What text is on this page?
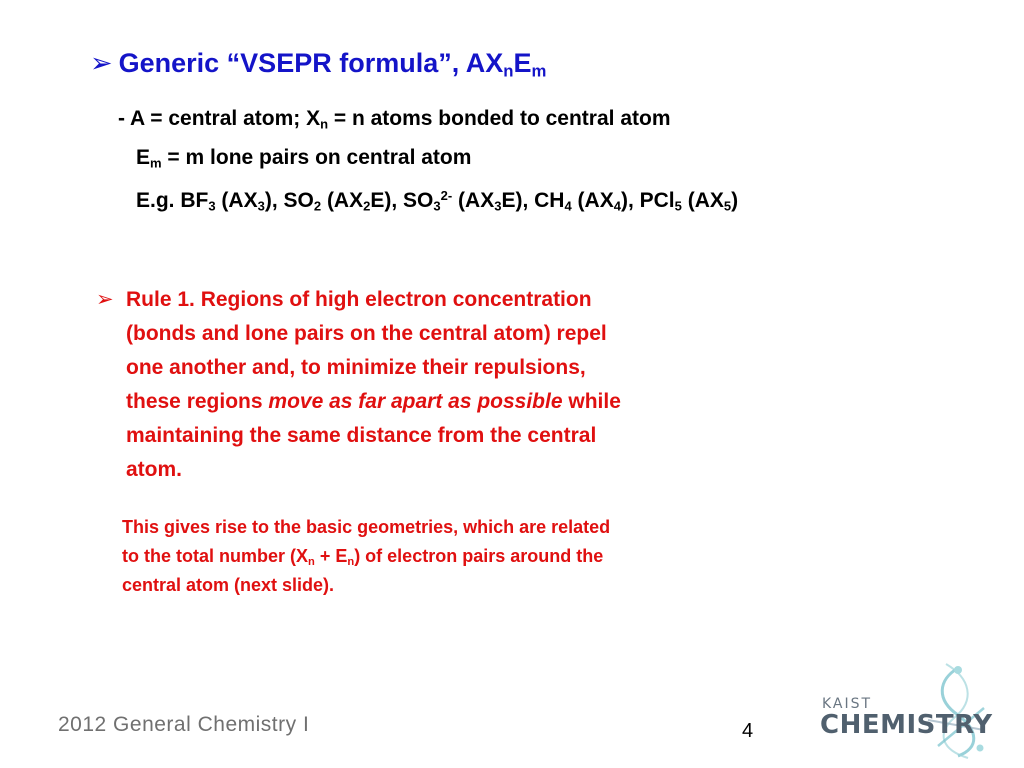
➢ Generic “VSEPR formula”, $AX_nE_m$
- A = central atom; $X_n = n$ atoms bonded to central atom
$E_m = m$ lone pairs on central atom
E.g. $BF_3$ $(AX_3)$, $SO_2$ $(AX_2E)$, $SO_3^{2-}$ $(AX_3E)$, $CH_4$ $(AX_4)$, PCl$_5$ $(AX_5)$
➢ Rule 1. Regions of high electron concentration
(bonds and lone pairs on the central atom) repel
one another and, to minimize their repulsions,
these regions move as far apart as possible while
maintaining the same distance from the central
atom.
This gives rise to the basic geometries, which are related
to the total number $(X_n + E_n)$ of electron pairs around the
central atom (next slide).
2012 General Chemistry I	4
KAIST
CHEMISTRY
